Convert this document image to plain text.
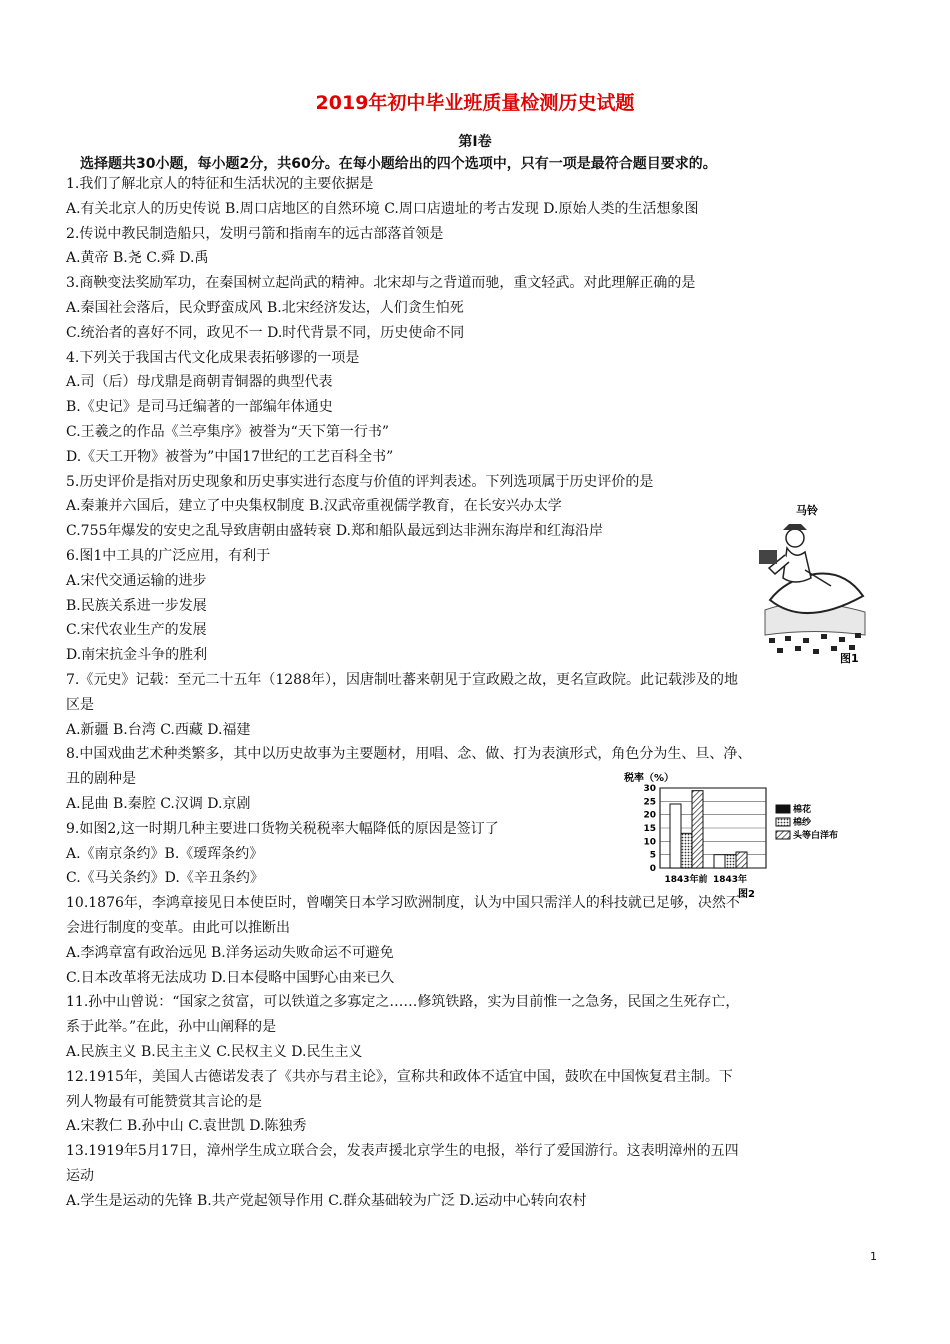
2019年初中毕业班质量检测历史试题
第Ⅰ卷
选择题共30小题，每小题2分，共60分。在每小题给出的四个选项中，只有一项是最符合题目要求的。
1.我们了解北京人的特征和生活状况的主要依据是
A.有关北京人的历史传说 B.周口店地区的自然环境 C.周口店遗址的考古发现 D.原始人类的生活想象图
2.传说中教民制造船只，发明弓箭和指南车的远古部落首领是
A.黄帝 B.尧 C.舜 D.禹
3.商鞅变法奖励军功，在秦国树立起尚武的精神。北宋却与之背道而驰，重文轻武。对此理解正确的是
A.秦国社会落后，民众野蛮成风 B.北宋经济发达，人们贪生怕死
C.统治者的喜好不同，政见不一 D.时代背景不同，历史使命不同
4.下列关于我国古代文化成果表拓够谬的一项是
A.司（后）母戊鼎是商朝青铜器的典型代表
B.《史记》是司马迁编著的一部编年体通史
C.王羲之的作品《兰亭集序》被誉为“天下第一行书”
D.《天工开物》被誉为”中国17世纪的工艺百科全书”
5.历史评价是指对历史现象和历史事实进行态度与价值的评判表述。下列选项属于历史评价的是
A.秦兼并六国后，建立了中央集权制度 B.汉武帝重视儒学教育，在长安兴办太学
C.755年爆发的安史之乱导致唐朝由盛转衰 D.郑和船队最远到达非洲东海岸和红海沿岸
6.图1中工具的广泛应用，有利于
A.宋代交通运输的进步
B.民族关系进一步发展
C.宋代农业生产的发展
D.南宋抗金斗争的胜利
7.《元史》记载：至元二十五年（1288年），因唐制吐蕃来朝见于宣政殿之故，更名宣政院。此记载涉及的地
区是
A.新疆 B.台湾 C.西藏 D.福建
8.中国戏曲艺术种类繁多，其中以历史故事为主要题材，用唱、念、做、打为表演形式，角色分为生、旦、净、
丑的剧种是
A.昆曲 B.秦腔 C.汉调 D.京剧
9.如图2,这一时期几种主要进口货物关税税率大幅降低的原因是签订了
A.《南京条约》B.《瑷珲条约》
C.《马关条约》D.《辛丑条约》
10.1876年，李鸿章接见日本使臣时，曾嘲笑日本学习欧洲制度，认为中国只需洋人的科技就已足够，决然不
会进行制度的变革。由此可以推断出
A.李鸿章富有政治远见 B.洋务运动失败命运不可避免
C.日本改革将无法成功 D.日本侵略中国野心由来已久
11.孙中山曾说：“国家之贫富，可以铁道之多寡定之……修筑铁路，实为目前惟一之急务，民国之生死存亡，
系于此举。”在此，孙中山阐释的是
A.民族主义 B.民主主义 C.民权主义 D.民生主义
12.1915年，美国人古德诺发表了《共亦与君主论》，宣称共和政体不适宜中国，鼓吹在中国恢复君主制。下
列人物最有可能赞赏其言论的是
A.宋教仁 B.孙中山 C.袁世凯 D.陈独秀
13.1919年5月17日，漳州学生成立联合会，发表声援北京学生的电报，举行了爱国游行。这表明漳州的五四
运动
A.学生是运动的先锋 B.共产党起领导作用 C.群众基础较为广泛 D.运动中心转向农村
马铃
图1
税率（%）
30
25
20
15
10
5
0
1843年前 1843年
棉花
棉纱
头等白洋布
图2
1
